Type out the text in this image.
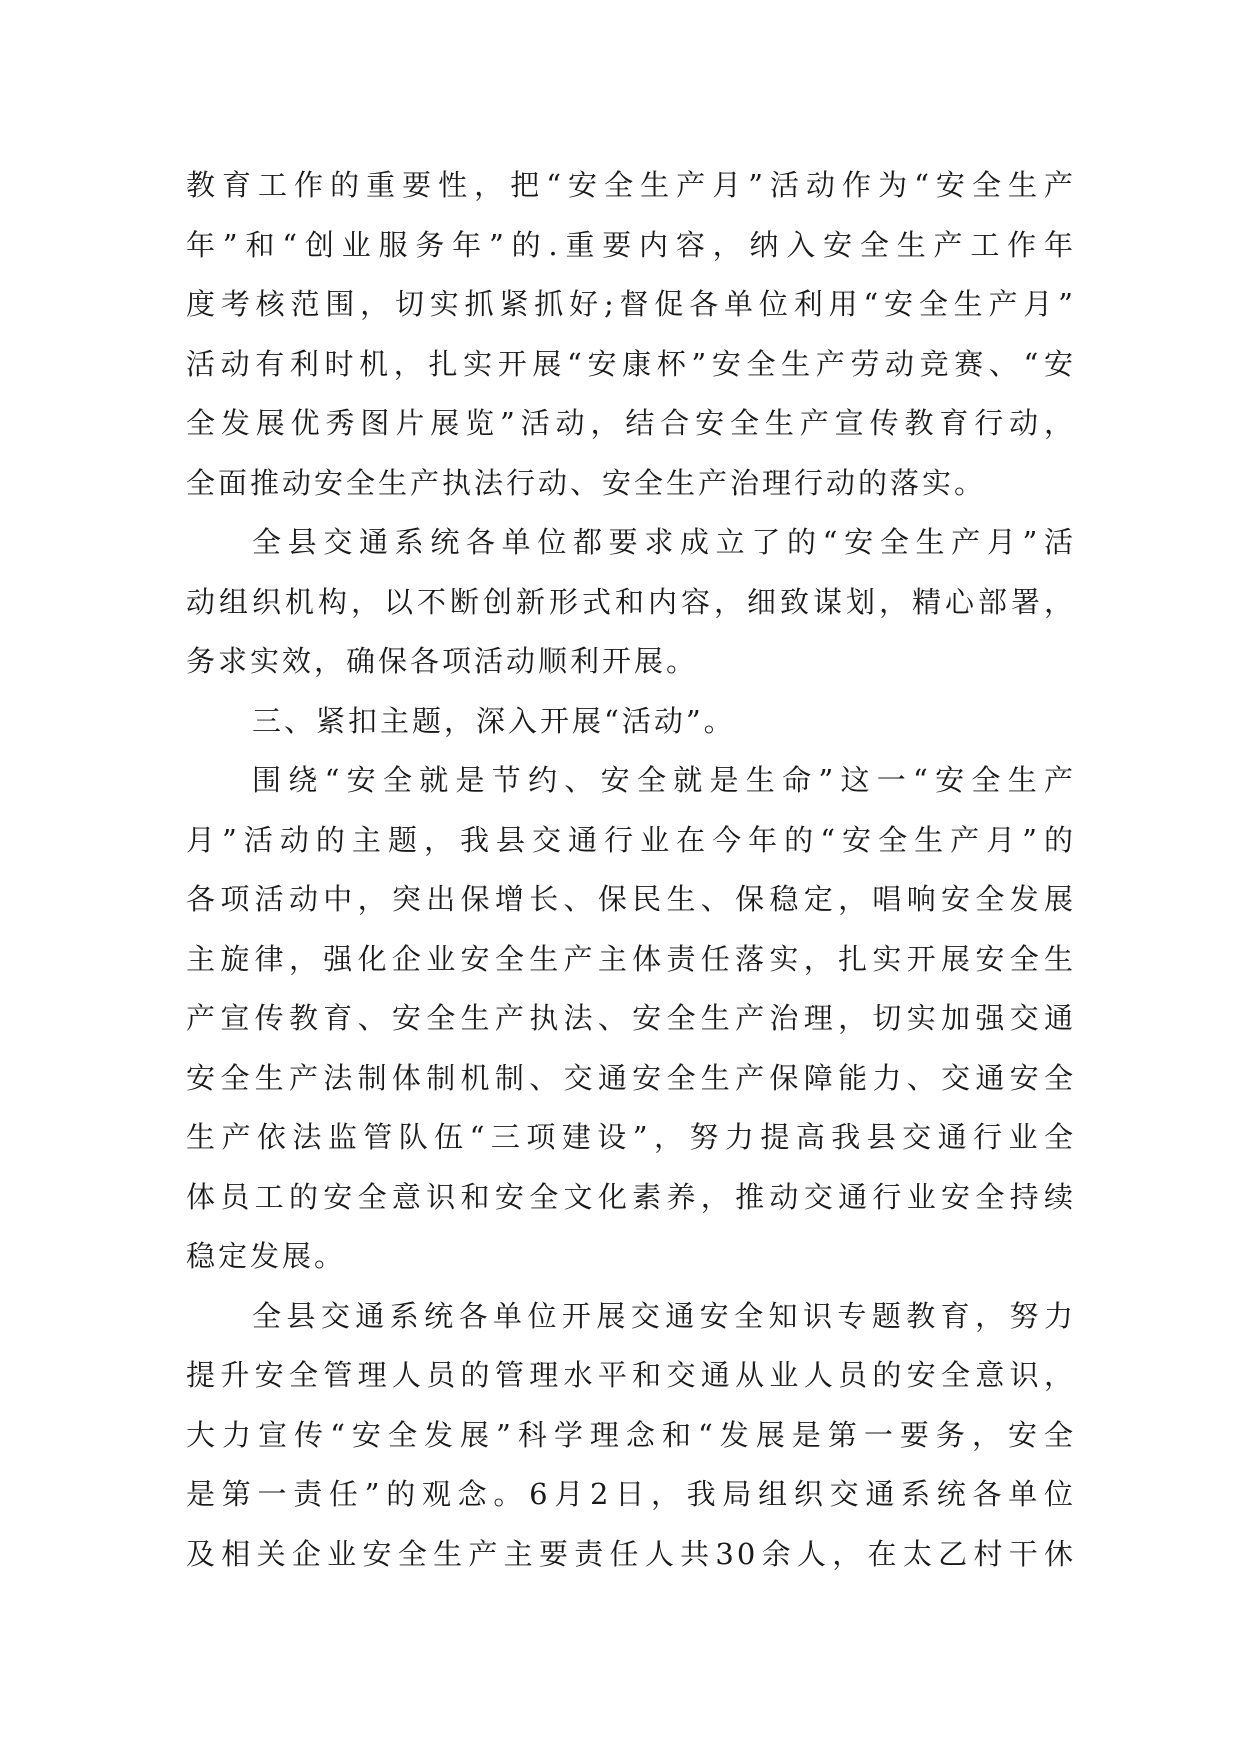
教育工作的重要性，把“安全生产月”活动作为“安全生产
年”和“创业服务年”的.重要内容，纳入安全生产工作年
度考核范围，切实抓紧抓好;督促各单位利用“安全生产月”
活动有利时机，扎实开展“安康杯”安全生产劳动竞赛、“安
全发展优秀图片展览”活动，结合安全生产宣传教育行动，
全面推动安全生产执法行动、安全生产治理行动的落实。
全县交通系统各单位都要求成立了的“安全生产月”活
动组织机构，以不断创新形式和内容，细致谋划，精心部署，
务求实效，确保各项活动顺利开展。
三、紧扣主题，深入开展“活动”。
围绕“安全就是节约、安全就是生命”这一“安全生产
月”活动的主题，我县交通行业在今年的“安全生产月”的
各项活动中，突出保增长、保民生、保稳定，唱响安全发展
主旋律，强化企业安全生产主体责任落实，扎实开展安全生
产宣传教育、安全生产执法、安全生产治理，切实加强交通
安全生产法制体制机制、交通安全生产保障能力、交通安全
生产依法监管队伍“三项建设”，努力提高我县交通行业全
体员工的安全意识和安全文化素养，推动交通行业安全持续
稳定发展。
全县交通系统各单位开展交通安全知识专题教育，努力
提升安全管理人员的管理水平和交通从业人员的安全意识，
大力宣传“安全发展”科学理念和“发展是第一要务，安全
是第一责任”的观念。6月2日，我局组织交通系统各单位
及相关企业安全生产主要责任人共30余人，在太乙村干休
